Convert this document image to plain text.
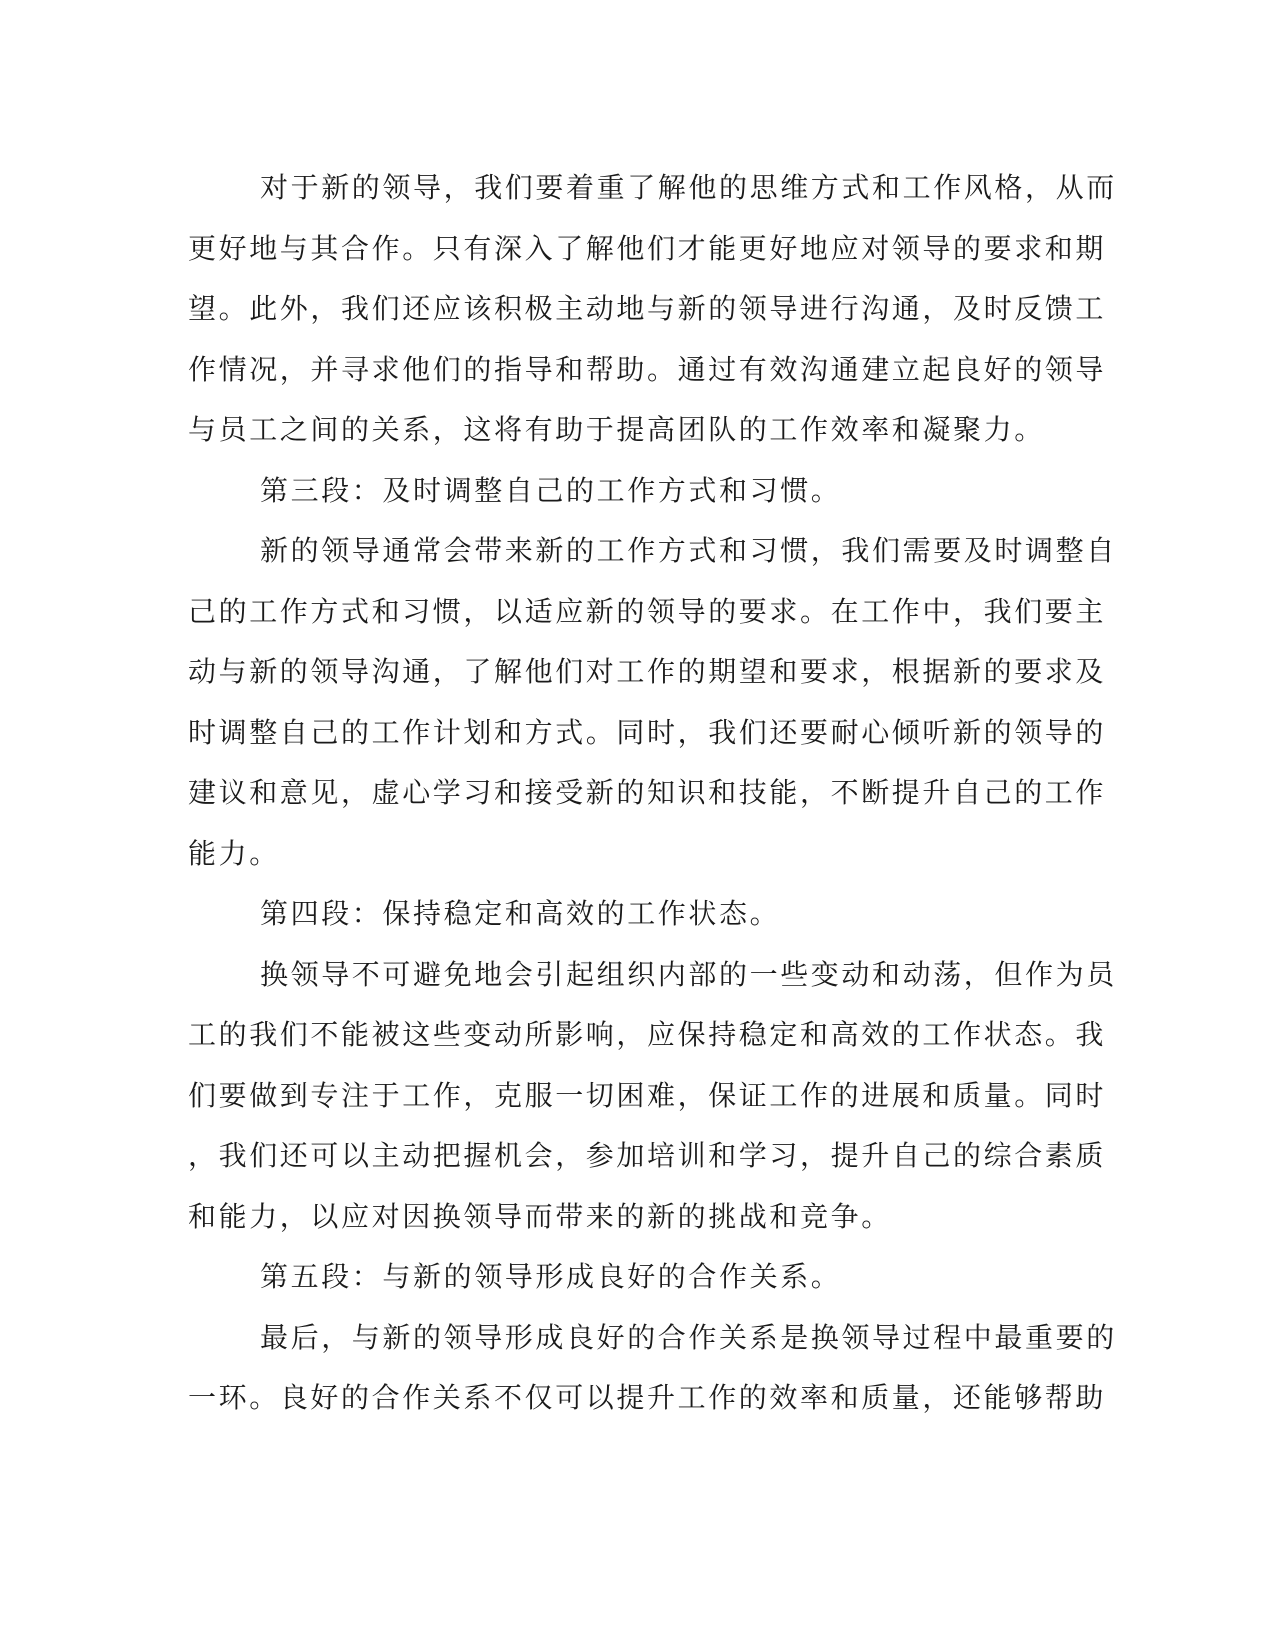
对于新的领导，我们要着重了解他的思维方式和工作风格，从而
更好地与其合作。只有深入了解他们才能更好地应对领导的要求和期
望。此外，我们还应该积极主动地与新的领导进行沟通，及时反馈工
作情况，并寻求他们的指导和帮助。通过有效沟通建立起良好的领导
与员工之间的关系，这将有助于提高团队的工作效率和凝聚力。
第三段：及时调整自己的工作方式和习惯。
新的领导通常会带来新的工作方式和习惯，我们需要及时调整自
己的工作方式和习惯，以适应新的领导的要求。在工作中，我们要主
动与新的领导沟通，了解他们对工作的期望和要求，根据新的要求及
时调整自己的工作计划和方式。同时，我们还要耐心倾听新的领导的
建议和意见，虚心学习和接受新的知识和技能，不断提升自己的工作
能力。
第四段：保持稳定和高效的工作状态。
换领导不可避免地会引起组织内部的一些变动和动荡，但作为员
工的我们不能被这些变动所影响，应保持稳定和高效的工作状态。我
们要做到专注于工作，克服一切困难，保证工作的进展和质量。同时
，我们还可以主动把握机会，参加培训和学习，提升自己的综合素质
和能力，以应对因换领导而带来的新的挑战和竞争。
第五段：与新的领导形成良好的合作关系。
最后，与新的领导形成良好的合作关系是换领导过程中最重要的
一环。良好的合作关系不仅可以提升工作的效率和质量，还能够帮助
